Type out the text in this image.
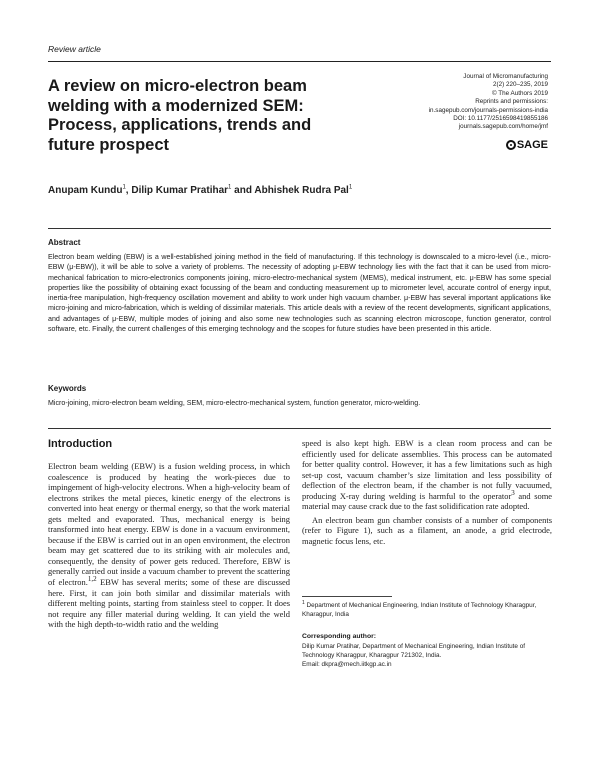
Review article
A review on micro-electron beam welding with a modernized SEM: Process, applications, trends and future prospect
Journal of Micromanufacturing
2(2) 220–235, 2019
© The Authors 2019
Reprints and permissions:
in.sagepub.com/journals-permissions-india
DOI: 10.1177/2516598419855186
journals.sagepub.com/home/jmf
SAGE
Anupam Kundu$^1$, Dilip Kumar Pratihar$^1$ and Abhishek Rudra Pal$^1$
Abstract

Electron beam welding (EBW) is a well-established joining method in the field of manufacturing. If this technology is downscaled to a micro-level (i.e., micro-EBW (μ-EBW)), it will be able to solve a variety of problems. The necessity of adopting μ-EBW technology lies with the fact that it can be used from micro-mechanical fabrication to micro-electronics components joining, micro-electro-mechanical system (MEMS), medical instrument, etc. μ-EBW has some special properties like the possibility of obtaining exact focussing of the beam and conducting measurement up to micrometer level, accurate control of energy input, inertia-free manipulation, high-frequency oscillation movement and ability to work under high vacuum chamber. μ-EBW has several important applications like micro-joining and micro-fabrication, which is welding of dissimilar materials. This article deals with a review of the recent developments, significant applications, and advantages of μ-EBW, multiple modes of joining and also some new technologies such as scanning electron microscope, function generator, control software, etc. Finally, the current challenges of this emerging technology and the scopes for future studies have been presented in this article.

Keywords

Micro-joining, micro-electron beam welding, SEM, micro-electro-mechanical system, function generator, micro-welding.

Introduction

Electron beam welding (EBW) is a fusion welding process, in which coalescence is produced by heating the work-pieces due to impingement of high-velocity electrons. When a high-velocity beam of electrons strikes the metal pieces, kinetic energy of the electrons is converted into heat energy or thermal energy, so that the work material gets melted and evaporated. Thus, mechanical energy is being transformed into heat energy. EBW is done in a vacuum environment, because if the EBW is carried out in an open environment, the electron beam may get scattered due to its striking with air molecules and, consequently, the density of power gets reduced. Therefore, EBW is generally carried out inside a vacuum chamber to prevent the scattering of electron.$^{1,2}$ EBW has several merits; some of these are discussed here. First, it can join both similar and dissimilar materials with different melting points, starting from stainless steel to copper. It does not require any filler material during welding. It can yield the weld with the high depth-to-width ratio and the welding

speed is also kept high. EBW is a clean room process and can be efficiently used for delicate assemblies. This process can be automated for better quality control. However, it has a few limitations such as high set-up cost, vacuum chamber’s size limitation and less possibility of deflection of the electron beam, if the chamber is not fully vacuumed, producing X-ray during welding is harmful to the operator$^3$ and some material may cause crack due to the fast solidification rate adopted.

An electron beam gun chamber consists of a number of components (refer to Figure 1), such as a filament, an anode, a grid electrode, magnetic focus lens, etc.

$^1$ Department of Mechanical Engineering, Indian Institute of Technology Kharagpur, Kharagpur, India

Corresponding author:

Dilip Kumar Pratihar, Department of Mechanical Engineering, Indian Institute of Technology Kharagpur, Kharagpur 721302, India.

Email: dkpra@mech.iitkgp.ac.in
